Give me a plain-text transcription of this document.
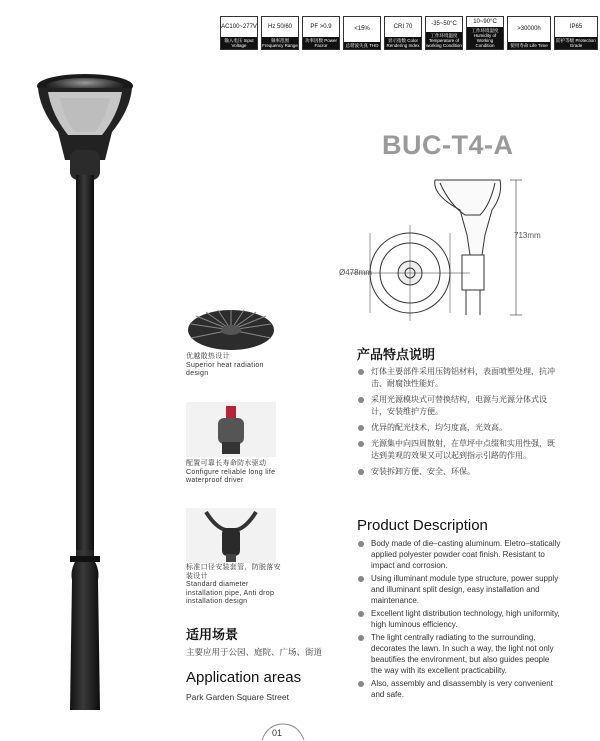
AC100~277V
输入电压 Input Voltage
Hz 50/60
频率范围 Frequency Range
PF >0.9
功率因数 Power Facror
<15%
总谐波失真 THD
CRI 70
显示指数 Color Rendering Index
-35~50°C
工作环境温度 Temperature of working Condition
10~90°C
工作环境湿度 Humidity of Working Condition
>30000h
使用寿命 Life Time
IP65
防护等级 Protection Grade
BUC-T4-A
713mm
Ø478mm
优越散热设计
Superior heat radiation design
配置可靠长寿命防水驱动
Configure reliable long life waterproof driver
标准口径安装套管，防脱落安装设计
Standard diameter installation pipe, Anti drop installation design
产品特点说明
灯体主要部件采用压铸铝材料，表面喷塑处理，抗冲击、耐腐蚀性能好。
采用光源模块式可替换结构，电源与光源分体式设计，安装维护方便。
优异的配光技术，均匀度高，光效高。
光源集中向四周散射，在草坪中点缀和实用性强，既达到美观的效果又可以起到指示引路的作用。
安装拆卸方便、安全、环保。
Product Description
Body made of die–casting aluminum. Eletro–statically applied polyester powder coat finish. Resistant to impact and corrosion.
Using illuminant module type structure, power supply and illuminant split design, easy installation and maintenance.
Excellent light distribution technology, high uniformity, high luminous efficiency.
The light centrally radiating to the surrounding, decorates the lawn. In such a way, the light not only beautifies the environment, but also guides people the way with its excellent practicability.
Also, assembly and disassembly is very convenient and safe.
适用场景
主要应用于公园、庭院、广场、街道
Application areas
Park Garden Square Street
01
